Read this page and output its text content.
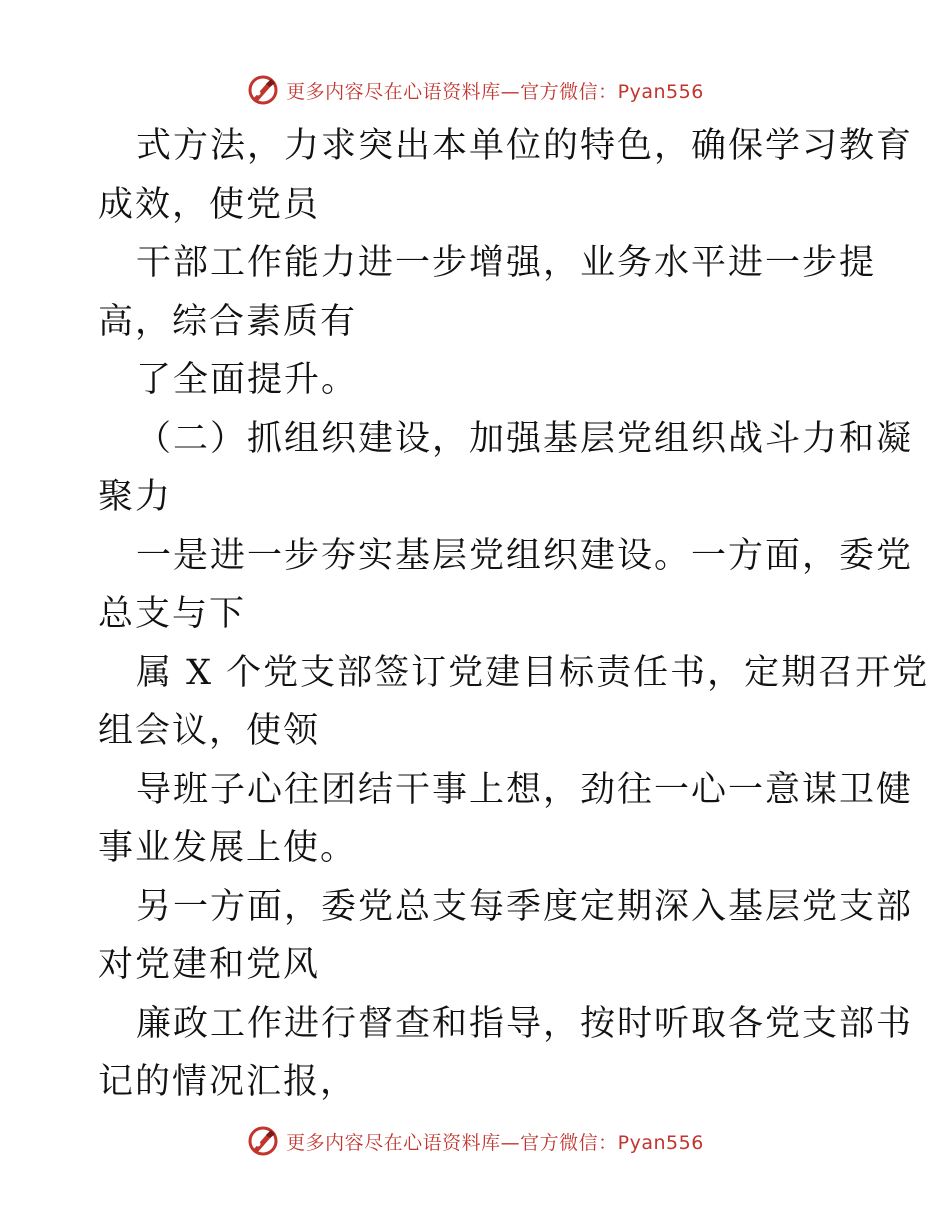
更多内容尽在心语资料库—官方微信：Pyan556
式方法，力求突出本单位的特色，确保学习教育
成效，使党员
干部工作能力进一步增强，业务水平进一步提
高，综合素质有
了全面提升。
（二）抓组织建设，加强基层党组织战斗力和凝
聚力
一是进一步夯实基层党组织建设。一方面，委党
总支与下
属 X 个党支部签订党建目标责任书，定期召开党
组会议，使领
导班子心往团结干事上想，劲往一心一意谋卫健
事业发展上使。
另一方面，委党总支每季度定期深入基层党支部
对党建和党风
廉政工作进行督查和指导，按时听取各党支部书
记的情况汇报，
更多内容尽在心语资料库—官方微信：Pyan556
